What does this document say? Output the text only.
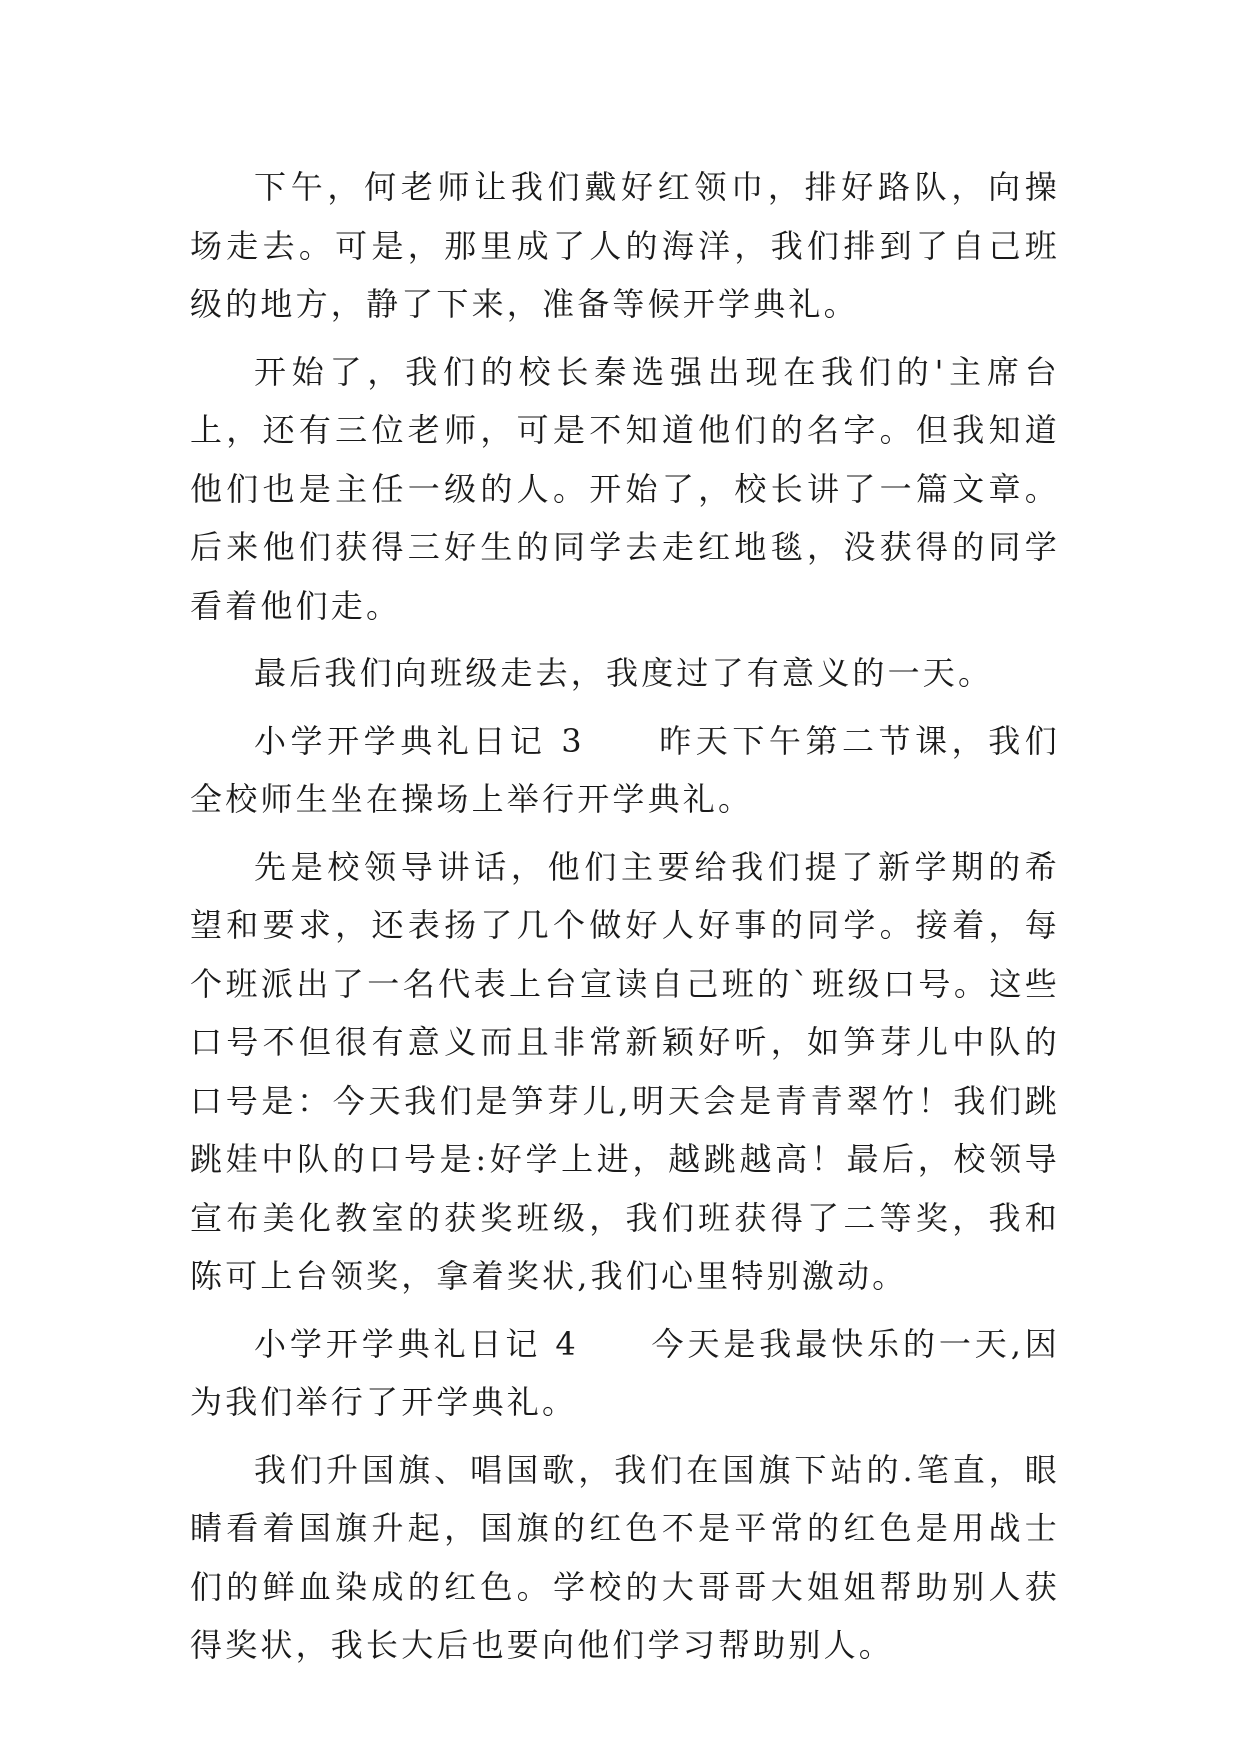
下午，何老师让我们戴好红领巾，排好路队，向操场走去。可是，那里成了人的海洋，我们排到了自己班级的地方，静了下来，准备等候开学典礼。

开始了，我们的校长秦选强出现在我们的'主席台上，还有三位老师，可是不知道他们的名字。但我知道他们也是主任一级的人。开始了，校长讲了一篇文章。后来他们获得三好生的同学去走红地毯，没获得的同学看着他们走。

最后我们向班级走去，我度过了有意义的一天。

小学开学典礼日记 3　　昨天下午第二节课，我们全校师生坐在操场上举行开学典礼。

先是校领导讲话，他们主要给我们提了新学期的希望和要求，还表扬了几个做好人好事的同学。接着，每个班派出了一名代表上台宣读自己班的`班级口号。这些口号不但很有意义而且非常新颖好听，如笋芽儿中队的口号是：今天我们是笋芽儿,明天会是青青翠竹！我们跳跳娃中队的口号是:好学上进，越跳越高！最后，校领导宣布美化教室的获奖班级，我们班获得了二等奖，我和陈可上台领奖，拿着奖状,我们心里特别激动。

小学开学典礼日记 4　　今天是我最快乐的一天,因为我们举行了开学典礼。

我们升国旗、唱国歌，我们在国旗下站的.笔直，眼睛看着国旗升起，国旗的红色不是平常的红色是用战士们的鲜血染成的红色。学校的大哥哥大姐姐帮助别人获得奖状，我长大后也要向他们学习帮助别人。
